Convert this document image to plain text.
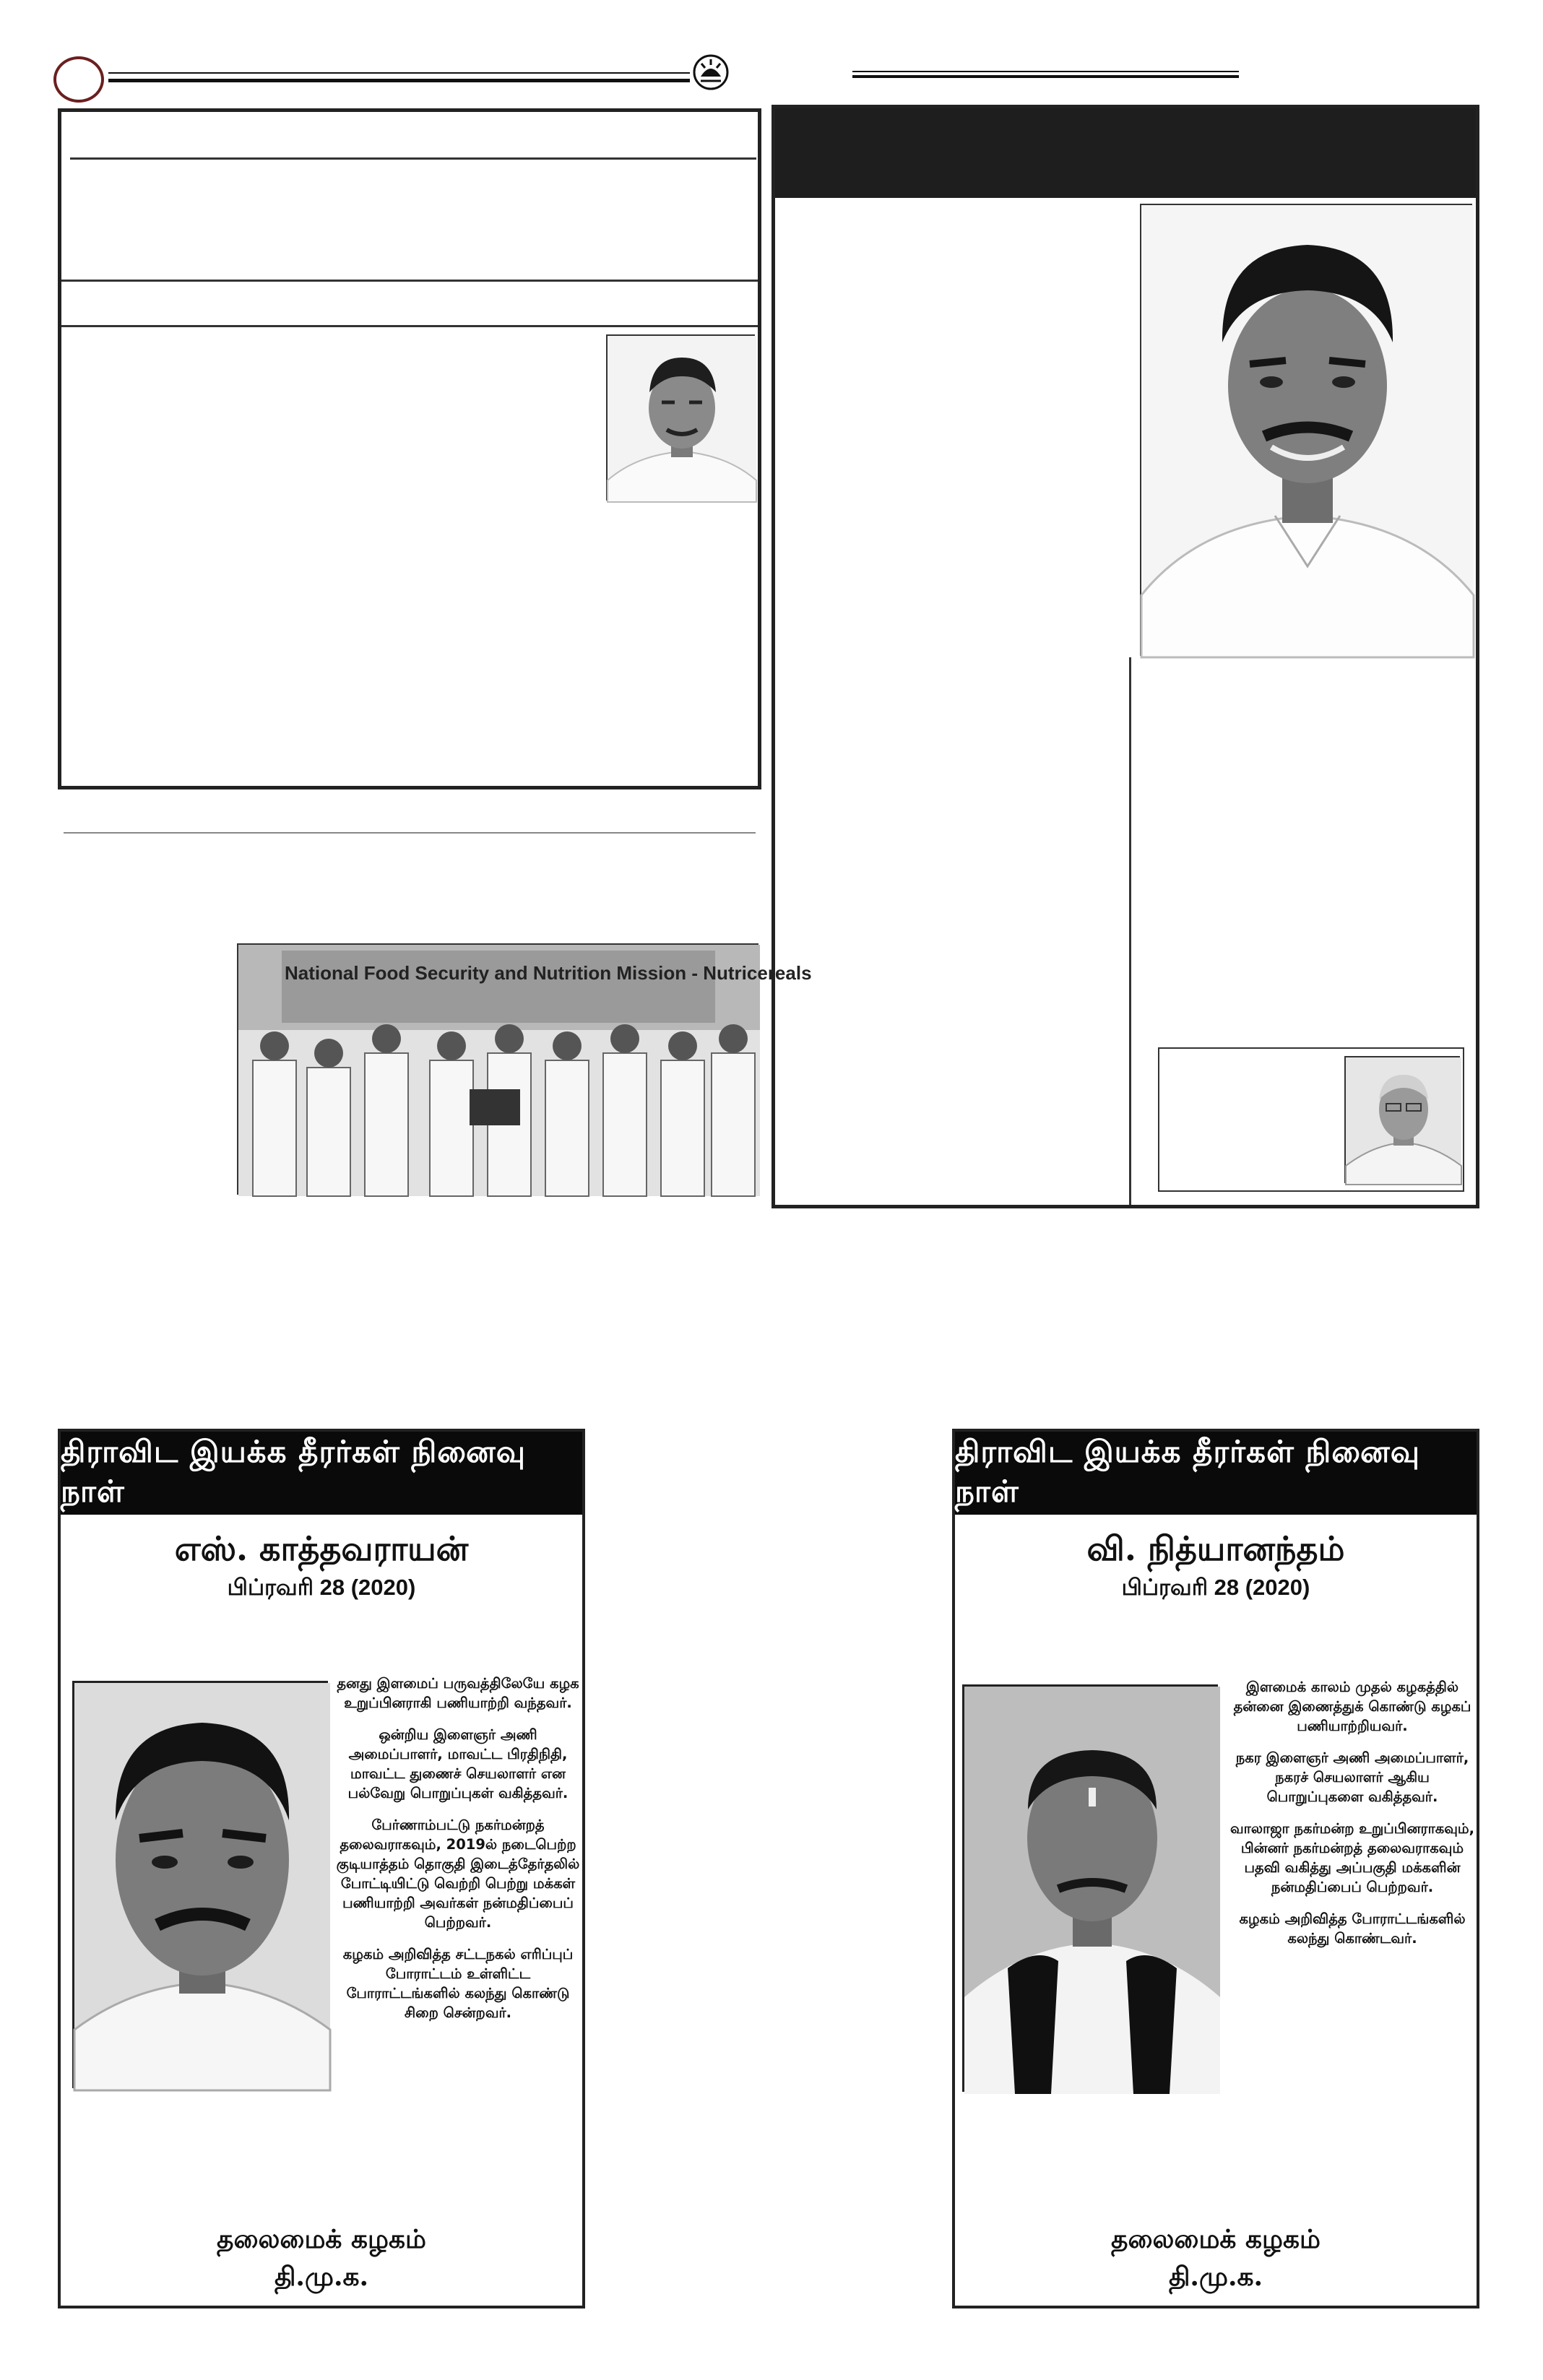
National Food Security and Nutrition Mission - Nutricereals
திராவிட இயக்க தீரர்கள் நினைவு நாள்
எஸ். காத்தவராயன்
பிப்ரவரி 28 (2020)

தனது இளமைப் பருவத்திலேயே கழக உறுப்பினராகி பணியாற்றி வந்தவர்.

ஒன்றிய இளைஞர் அணி அமைப்பாளர், மாவட்ட பிரதிநிதி, மாவட்ட துணைச் செயலாளர் என பல்வேறு பொறுப்புகள் வகித்தவர்.

பேர்ணாம்பட்டு நகர்மன்றத் தலைவராகவும், 2019ல் நடைபெற்ற குடியாத்தம் தொகுதி இடைத்தேர்தலில் போட்டியிட்டு வெற்றி பெற்று மக்கள் பணியாற்றி அவர்கள் நன்மதிப்பைப் பெற்றவர்.

கழகம் அறிவித்த சட்டநகல் எரிப்புப் போராட்டம் உள்ளிட்ட போராட்டங்களில் கலந்து கொண்டு சிறை சென்றவர்.

தலைமைக் கழகம்
தி.மு.க.
திராவிட இயக்க தீரர்கள் நினைவு நாள்
வி. நித்யானந்தம்
பிப்ரவரி 28 (2020)

இளமைக் காலம் முதல் கழகத்தில் தன்னை இணைத்துக் கொண்டு கழகப் பணியாற்றியவர்.

நகர இளைஞர் அணி அமைப்பாளர், நகரச் செயலாளர் ஆகிய பொறுப்புகளை வகித்தவர்.

வாலாஜா நகர்மன்ற உறுப்பினராகவும், பின்னர் நகர்மன்றத் தலைவராகவும் பதவி வகித்து அப்பகுதி மக்களின் நன்மதிப்பைப் பெற்றவர்.

கழகம் அறிவித்த போராட்டங்களில் கலந்து கொண்டவர்.

தலைமைக் கழகம்
தி.மு.க.
